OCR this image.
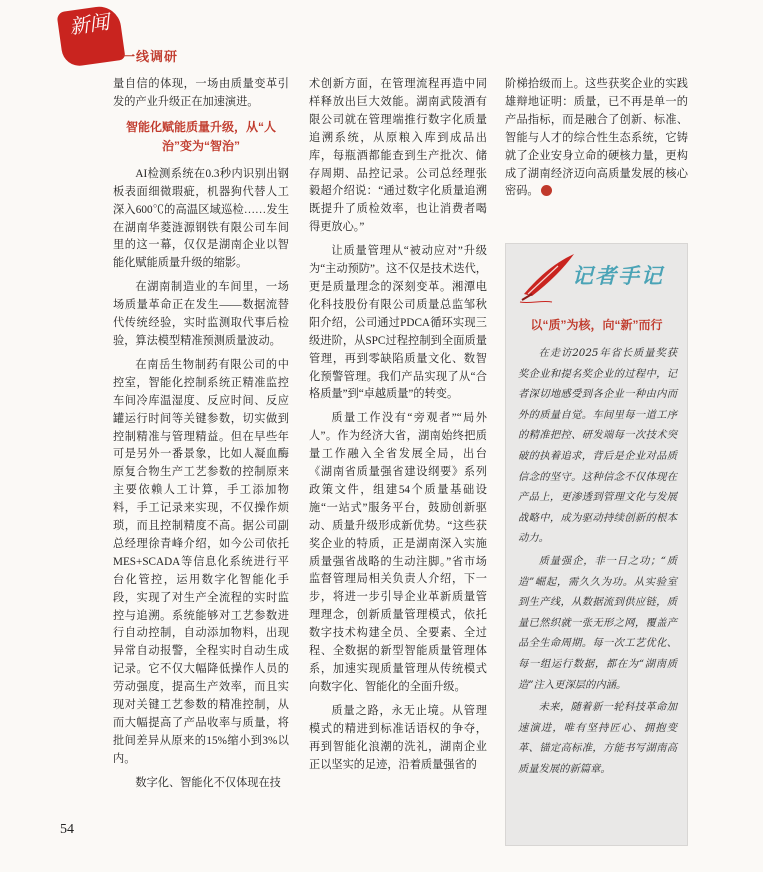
新闻
一线调研

量自信的体现，一场由质量变革引发的产业升级正在加速演进。

智能化赋能质量升级，从“人治”变为“智治”

AI检测系统在0.3秒内识别出钢板表面细微瑕疵，机器狗代替人工深入600℃的高温区域巡检……发生在湖南华菱涟源钢铁有限公司车间里的这一幕，仅仅是湖南企业以智能化赋能质量升级的缩影。

在湖南制造业的车间里，一场场质量革命正在发生——数据流替代传统经验，实时监测取代事后检验，算法模型精准预测质量波动。

在南岳生物制药有限公司的中控室，智能化控制系统正精准监控车间冷库温湿度、反应时间、反应罐运行时间等关键参数，切实做到控制精准与管理精益。但在早些年可是另外一番景象，比如人凝血酶原复合物生产工艺参数的控制原来主要依赖人工计算，手工添加物料，手工记录来实现，不仅操作烦琐，而且控制精度不高。据公司副总经理徐青峰介绍，如今公司依托MES+SCADA等信息化系统进行平台化管控，运用数字化智能化手段，实现了对生产全流程的实时监控与追溯。系统能够对工艺参数进行自动控制，自动添加物料，出现异常自动报警，全程实时自动生成记录。它不仅大幅降低操作人员的劳动强度，提高生产效率，而且实现对关键工艺参数的精准控制，从而大幅提高了产品收率与质量，将批间差异从原来的15%缩小到3%以内。

数字化、智能化不仅体现在技

术创新方面，在管理流程再造中同样释放出巨大效能。湖南武陵酒有限公司就在管理端推行数字化质量追溯系统，从原粮入库到成品出库，每瓶酒都能查到生产批次、储存周期、品控记录。公司总经理张毅超介绍说：“通过数字化质量追溯既提升了质检效率，也让消费者喝得更放心。”

让质量管理从“被动应对”升级为“主动预防”。这不仅是技术迭代，更是质量理念的深刻变革。湘潭电化科技股份有限公司质量总监邹秋阳介绍，公司通过PDCA循环实现三级进阶，从SPC过程控制到全面质量管理，再到零缺陷质量文化、数智化预警管理。我们产品实现了从“合格质量”到“卓越质量”的转变。

质量工作没有“旁观者”“局外人”。作为经济大省，湖南始终把质量工作融入全省发展全局，出台《湖南省质量强省建设纲要》系列政策文件，组建54个质量基础设施“一站式”服务平台，鼓励创新驱动、质量升级形成新优势。“这些获奖企业的特质，正是湖南深入实施质量强省战略的生动注脚。”省市场监督管理局相关负责人介绍，下一步，将进一步引导企业革新质量管理理念，创新质量管理模式，依托数字技术构建全员、全要素、全过程、全数据的新型智能质量管理体系，加速实现质量管理从传统模式向数字化、智能化的全面升级。

质量之路，永无止境。从管理模式的精进到标准话语权的争夺，再到智能化浪潮的洗礼，湖南企业正以坚实的足迹，沿着质量强省的

阶梯拾级而上。这些获奖企业的实践雄辩地证明：质量，已不再是单一的产品指标，而是融合了创新、标准、智能与人才的综合性生态系统，它铸就了企业安身立命的硬核力量，更构成了湖南经济迈向高质量发展的核心密码。

记者手记
以“质”为核，向“新”而行

在走访2025年省长质量奖获奖企业和提名奖企业的过程中，记者深切地感受到各企业一种由内而外的质量自觉。车间里每一道工序的精准把控、研发端每一次技术突破的执着追求，背后是企业对品质信念的坚守。这种信念不仅体现在产品上，更渗透到管理文化与发展战略中，成为驱动持续创新的根本动力。

质量强企，非一日之功；“质造”崛起，需久久为功。从实验室到生产线，从数据流到供应链，质量已然织就一张无形之网，覆盖产品全生命周期。每一次工艺优化、每一组运行数据，都在为“湖南质造”注入更深层的内涵。

未来，随着新一轮科技革命加速演进，唯有坚持匠心、拥抱变革、锚定高标准，方能书写湖南高质量发展的新篇章。

54
